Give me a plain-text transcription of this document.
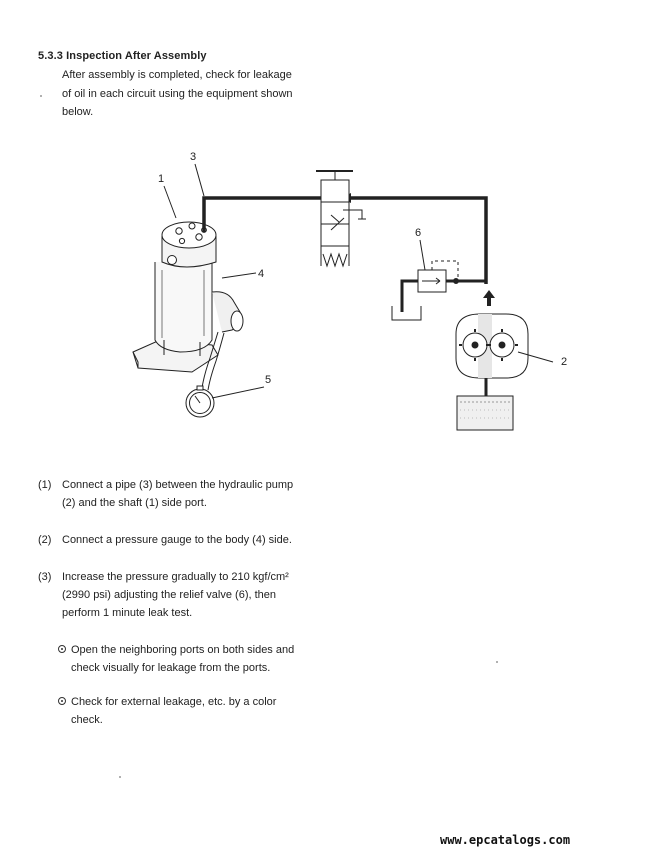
5.3.3 Inspection After Assembly
After assembly is completed, check for leakage
of oil in each circuit using the equipment shown
below.
1
2
3
4
5
6
(1) Connect a pipe (3) between the hydraulic pump
(2) and the shaft (1) side port.
(2) Connect a pressure gauge to the body (4) side.
(3) Increase the pressure gradually to 210 kgf/cm²
(2990 psi) adjusting the relief valve (6), then
perform 1 minute leak test.
Open the neighboring ports on both sides and
check visually for leakage from the ports.
Check for external leakage, etc. by a color
check.
www.epcatalogs.com
